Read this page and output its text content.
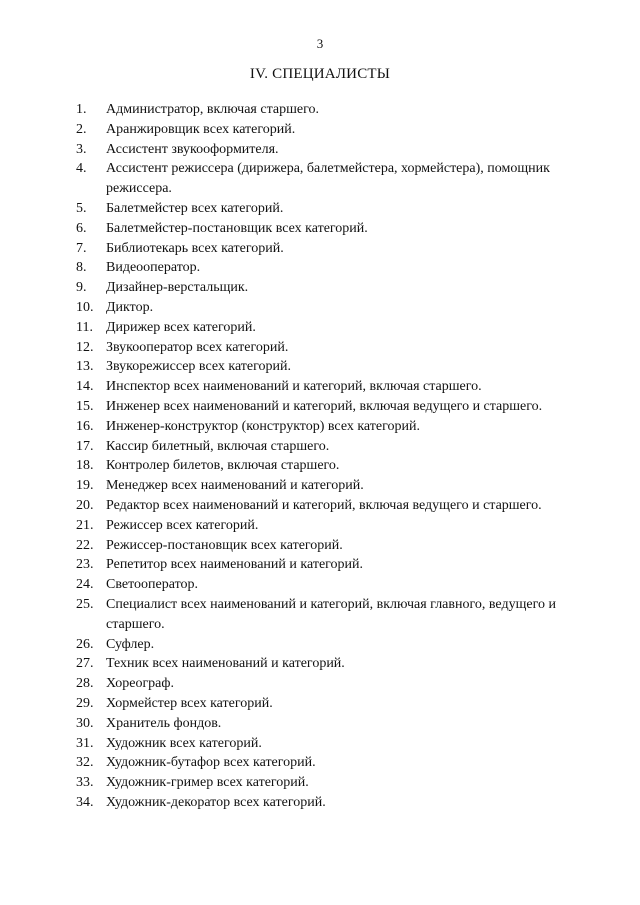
3
IV. СПЕЦИАЛИСТЫ
1.	Администратор, включая старшего.
2.	Аранжировщик всех категорий.
3.	Ассистент звукооформителя.
4.	Ассистент режиссера (дирижера, балетмейстера, хормейстера), помощник режиссера.
5.	Балетмейстер всех категорий.
6.	Балетмейстер-постановщик всех категорий.
7.	Библиотекарь всех категорий.
8.	Видеооператор.
9.	Дизайнер-верстальщик.
10. Диктор.
11. Дирижер всех категорий.
12. Звукооператор всех категорий.
13. Звукорежиссер всех категорий.
14. Инспектор всех наименований и категорий, включая старшего.
15. Инженер всех наименований и категорий, включая ведущего и старшего.
16. Инженер-конструктор (конструктор) всех категорий.
17. Кассир билетный, включая старшего.
18. Контролер билетов, включая старшего.
19. Менеджер всех наименований и категорий.
20. Редактор всех наименований и категорий, включая ведущего и старшего.
21. Режиссер всех категорий.
22. Режиссер-постановщик всех категорий.
23. Репетитор всех наименований и категорий.
24. Светооператор.
25. Специалист всех наименований и категорий, включая главного, ведущего и старшего.
26. Суфлер.
27. Техник всех наименований и категорий.
28. Хореограф.
29. Хормейстер всех категорий.
30. Хранитель фондов.
31. Художник всех категорий.
32. Художник-бутафор всех категорий.
33. Художник-гример всех категорий.
34. Художник-декоратор всех категорий.
